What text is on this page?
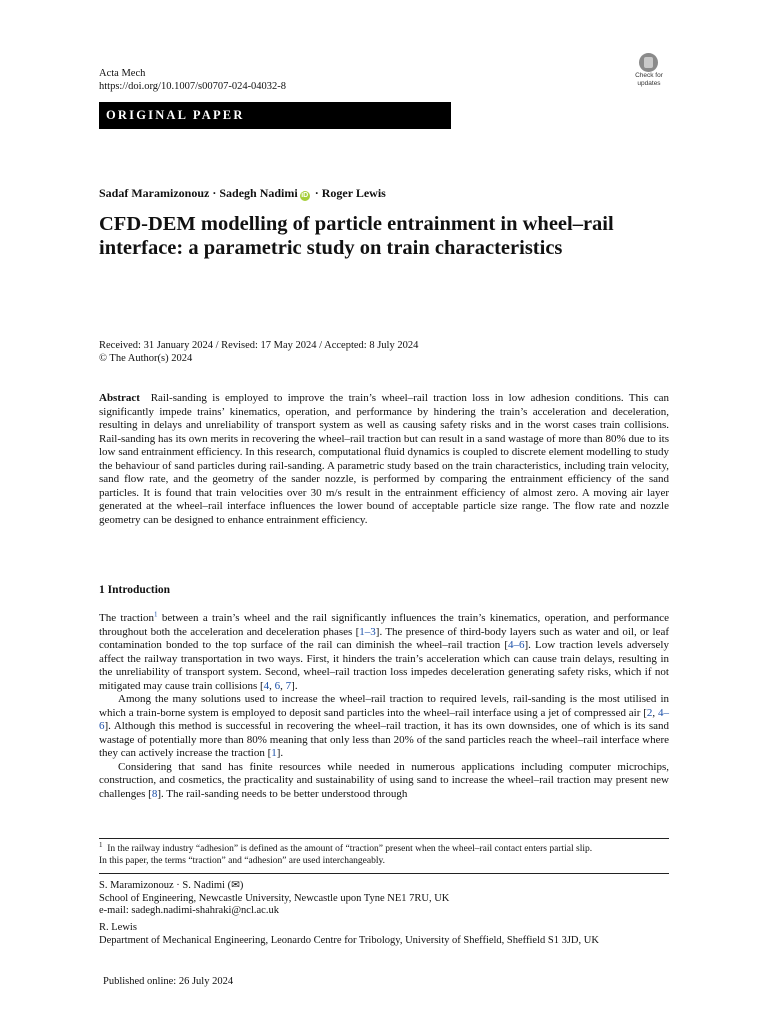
Acta Mech
https://doi.org/10.1007/s00707-024-04032-8
Check for updates
ORIGINAL PAPER
Sadaf Maramizonouz · Sadegh Nadimi iD · Roger Lewis
CFD-DEM modelling of particle entrainment in wheel–rail
interface: a parametric study on train characteristics
Received: 31 January 2024 / Revised: 17 May 2024 / Accepted: 8 July 2024
© The Author(s) 2024
Abstract Rail-sanding is employed to improve the train’s wheel–rail traction loss in low adhesion conditions. This can significantly impede trains’ kinematics, operation, and performance by hindering the train’s acceleration and deceleration, resulting in delays and unreliability of transport system as well as causing safety risks and in the worst cases train collisions. Rail-sanding has its own merits in recovering the wheel–rail traction but can result in a sand wastage of more than 80% due to its low sand entrainment efficiency. In this research, computational fluid dynamics is coupled to discrete element modelling to study the behaviour of sand particles during rail-sanding. A parametric study based on the train characteristics, including train velocity, sand flow rate, and the geometry of the sander nozzle, is performed by comparing the entrainment efficiency of the sand particles. It is found that train velocities over 30 m/s result in the entrainment efficiency of almost zero. A moving air layer generated at the wheel–rail interface influences the lower bound of acceptable particle size range. The flow rate and nozzle geometry can be designed to enhance entrainment efficiency.
1 Introduction

The traction$^1$ between a train’s wheel and the rail significantly influences the train’s kinematics, operation, and performance throughout both the acceleration and deceleration phases [1–3]. The presence of third-body layers such as water and oil, or leaf contamination bonded to the top surface of the rail can diminish the wheel–rail traction [4–6]. Low traction levels adversely affect the railway transportation in two ways. First, it hinders the train’s acceleration which can cause train delays, resulting in the unreliability of transport system. Second, wheel–rail traction loss impedes deceleration generating safety risks, which if not mitigated may cause train collisions [4, 6, 7].

Among the many solutions used to increase the wheel–rail traction to required levels, rail-sanding is the most utilised in which a train-borne system is employed to deposit sand particles into the wheel–rail interface using a jet of compressed air [2, 4–6]. Although this method is successful in recovering the wheel–rail traction, it has its own downsides, one of which is its sand wastage of potentially more than 80% meaning that only less than 20% of the sand particles reach the wheel–rail interface where they can actively increase the traction [1].

Considering that sand has finite resources while needed in numerous applications including computer microchips, construction, and cosmetics, the practicality and sustainability of using sand to increase the wheel–rail traction may present new challenges [8]. The rail-sanding needs to be better understood through

$^1$ In the railway industry “adhesion” is defined as the amount of “traction” present when the wheel–rail contact enters partial slip.
In this paper, the terms “traction” and “adhesion” are used interchangeably.
S. Maramizonouz · S. Nadimi (✉)
School of Engineering, Newcastle University, Newcastle upon Tyne NE1 7RU, UK
e-mail: sadegh.nadimi-shahraki@ncl.ac.uk
R. Lewis
Department of Mechanical Engineering, Leonardo Centre for Tribology, University of Sheffield, Sheffield S1 3JD, UK
Published online: 26 July 2024
